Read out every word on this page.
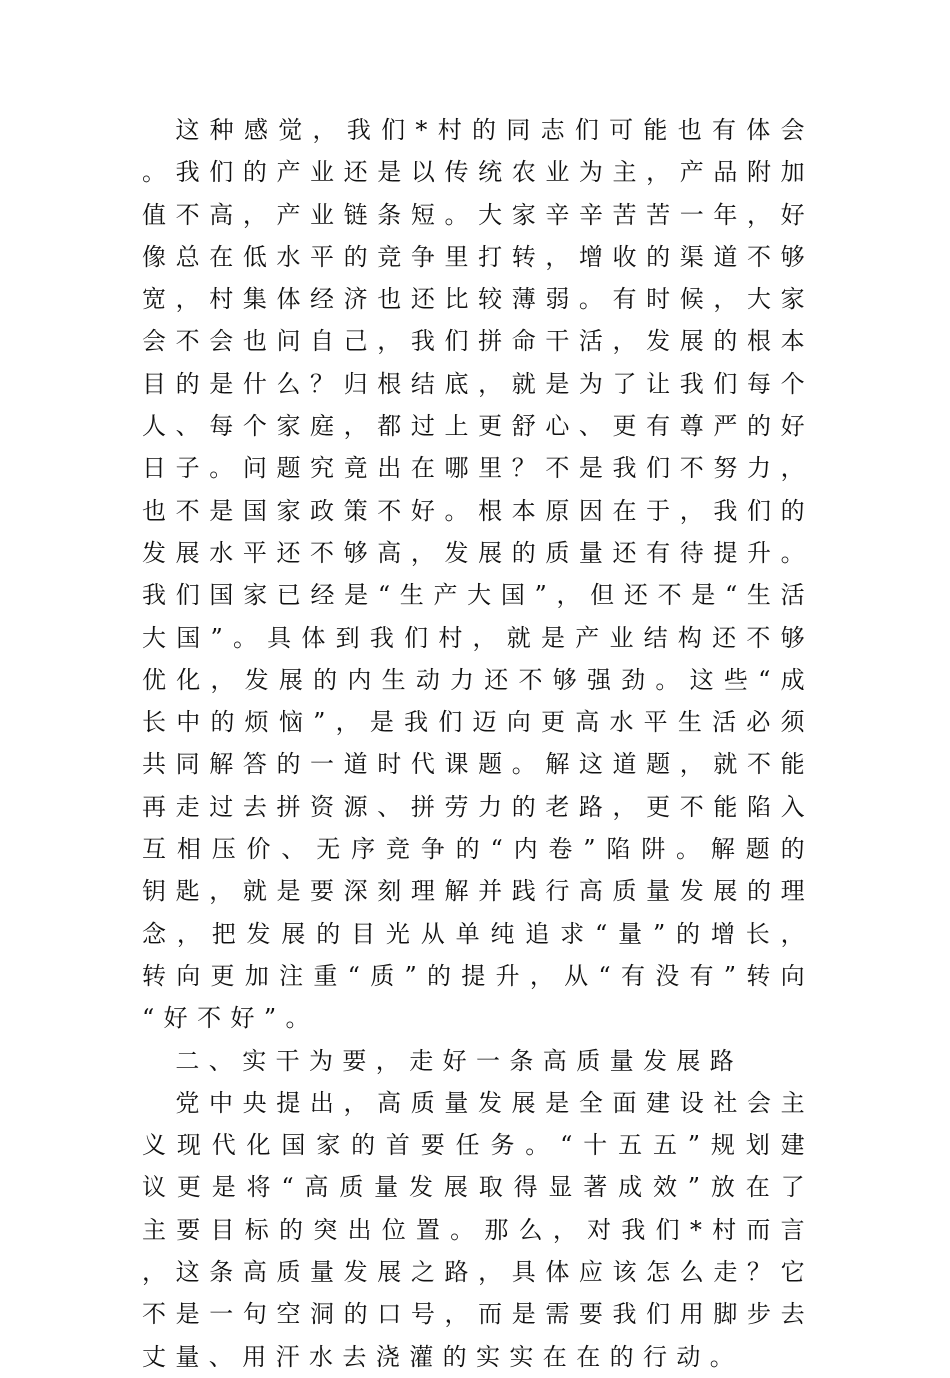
这种感觉，我们*村的同志们可能也有体会。我们的产业还是以传统农业为主，产品附加值不高，产业链条短。大家辛辛苦苦一年，好像总在低水平的竞争里打转，增收的渠道不够宽，村集体经济也还比较薄弱。有时候，大家会不会也问自己，我们拼命干活，发展的根本目的是什么？归根结底，就是为了让我们每个人、每个家庭，都过上更舒心、更有尊严的好日子。问题究竟出在哪里？不是我们不努力，也不是国家政策不好。根本原因在于，我们的发展水平还不够高，发展的质量还有待提升。我们国家已经是“生产大国”，但还不是“生活大国”。具体到我们村，就是产业结构还不够优化，发展的内生动力还不够强劲。这些“成长中的烦恼”，是我们迈向更高水平生活必须共同解答的一道时代课题。解这道题，就不能再走过去拼资源、拼劳力的老路，更不能陷入互相压价、无序竞争的“内卷”陷阱。解题的钥匙，就是要深刻理解并践行高质量发展的理念，把发展的目光从单纯追求“量”的增长，转向更加注重“质”的提升，从“有没有”转向“好不好”。

二、实干为要，走好一条高质量发展路

党中央提出，高质量发展是全面建设社会主义现代化国家的首要任务。“十五五”规划建议更是将“高质量发展取得显著成效”放在了主要目标的突出位置。那么，对我们*村而言，这条高质量发展之路，具体应该怎么走？它不是一句空洞的口号，而是需要我们用脚步去丈量、用汗水去浇灌的实实在在的行动。
